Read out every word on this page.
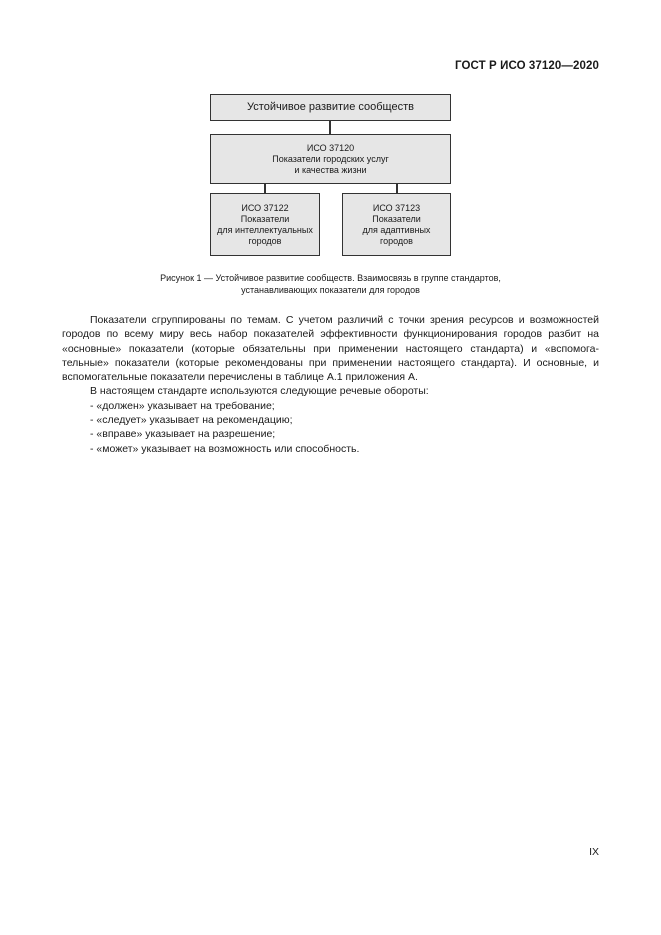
ГОСТ Р ИСО 37120—2020
Устойчивое развитие сообществ
ИСО 37120
Показатели городских услуг
и качества жизни
ИСО 37122
Показатели
для интеллектуальных
городов
ИСО 37123
Показатели
для адаптивных
городов
Рисунок 1 — Устойчивое развитие сообществ. Взаимосвязь в группе стандартов,
устанавливающих показатели для городов

Показатели сгруппированы по темам. С учетом различий с точки зрения ресурсов и возможностей городов по всему миру весь набор показателей эффективности функционирования городов разбит на «основные» показатели (которые обязательны при применении настоящего стандарта) и «вспомога-тельные» показатели (которые рекомендованы при применении настоящего стандарта). И основные, и вспомогательные показатели перечислены в таблице А.1 приложения А.

В настоящем стандарте используются следующие речевые обороты:

- «должен» указывает на требование;
- «следует» указывает на рекомендацию;
- «вправе» указывает на разрешение;
- «может» указывает на возможность или способность.
IX
